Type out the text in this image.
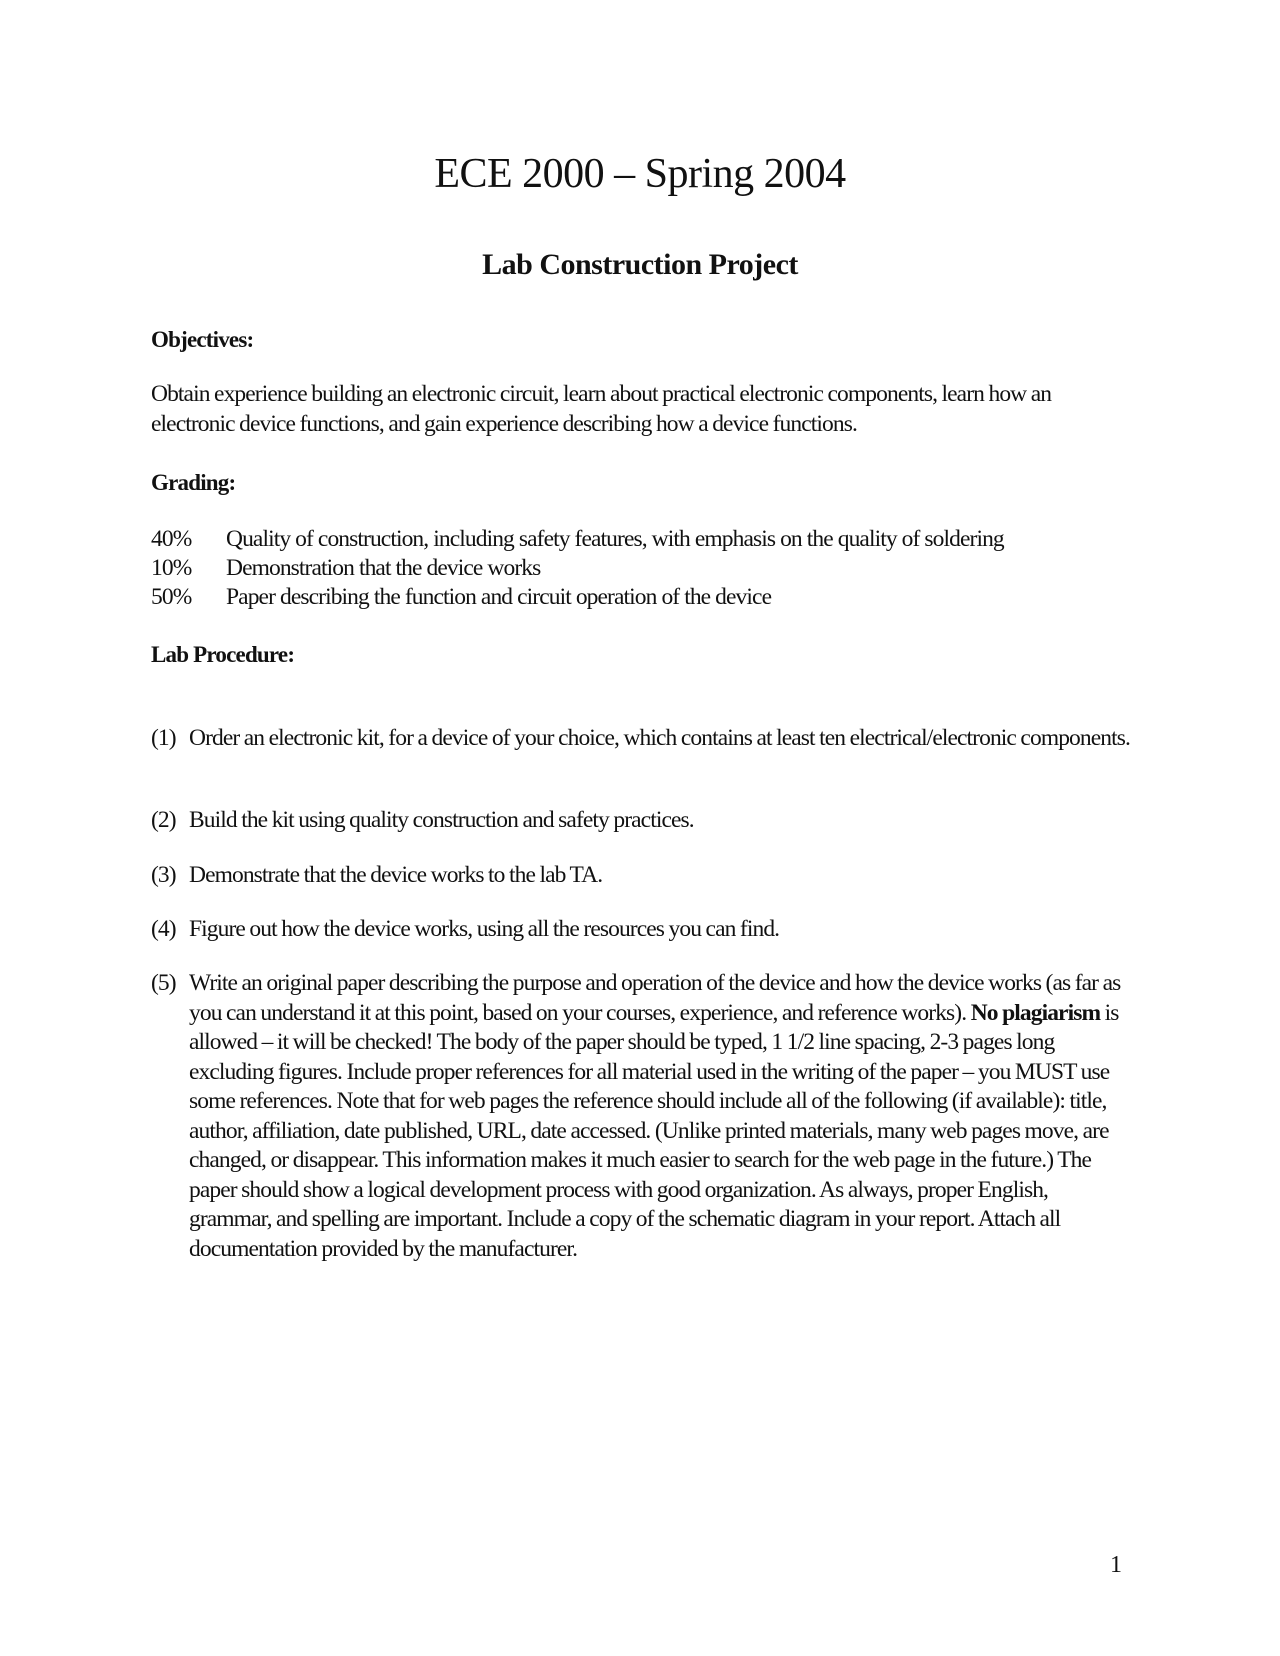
ECE 2000 – Spring 2004
Lab Construction Project
Objectives:

Obtain experience building an electronic circuit, learn about practical electronic components, learn how an electronic device functions, and gain experience describing how a device functions.

Grading:
40% Quality of construction, including safety features, with emphasis on the quality of soldering
10% Demonstration that the device works
50% Paper describing the function and circuit operation of the device
Lab Procedure:
(1) Order an electronic kit, for a device of your choice, which contains at least ten electrical/electronic components.
(2) Build the kit using quality construction and safety practices.
(3) Demonstrate that the device works to the lab TA.
(4) Figure out how the device works, using all the resources you can find.
(5) Write an original paper describing the purpose and operation of the device and how the device works (as far as you can understand it at this point, based on your courses, experience, and reference works). No plagiarism is allowed – it will be checked! The body of the paper should be typed, 1 1/2 line spacing, 2-3 pages long excluding figures. Include proper references for all material used in the writing of the paper – you MUST use some references. Note that for web pages the reference should include all of the following (if available): title, author, affiliation, date published, URL, date accessed. (Unlike printed materials, many web pages move, are changed, or disappear. This information makes it much easier to search for the web page in the future.) The paper should show a logical development process with good organization. As always, proper English, grammar, and spelling are important. Include a copy of the schematic diagram in your report. Attach all documentation provided by the manufacturer.
1
